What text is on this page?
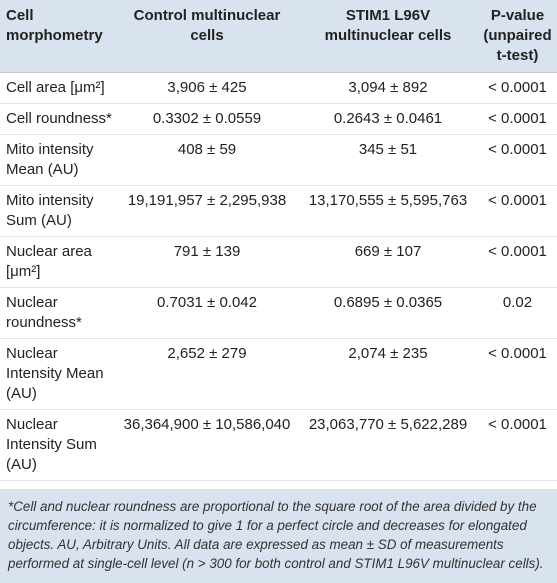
Cell morphometry	Control multinuclear cells	STIM1 L96V multinuclear cells	P-value (unpaired t-test)
Cell area [μm²]	3,906 ± 425	3,094 ± 892	< 0.0001
Cell roundness*	0.3302 ± 0.0559	0.2643 ± 0.0461	< 0.0001
Mito intensity Mean (AU)	408 ± 59	345 ± 51	< 0.0001
Mito intensity Sum (AU)	19,191,957 ± 2,295,938	13,170,555 ± 5,595,763	< 0.0001
Nuclear area [μm²]	791 ± 139	669 ± 107	< 0.0001
Nuclear roundness*	0.7031 ± 0.042	0.6895 ± 0.0365	0.02
Nuclear Intensity Mean (AU)	2,652 ± 279	2,074 ± 235	< 0.0001
Nuclear Intensity Sum (AU)	36,364,900 ± 10,586,040	23,063,770 ± 5,622,289	< 0.0001
*Cell and nuclear roundness are proportional to the square root of the area divided by the circumference: it is normalized to give 1 for a perfect circle and decreases for elongated objects. AU, Arbitrary Units. All data are expressed as mean ± SD of measurements performed at single-cell level (n > 300 for both control and STIM1 L96V multinuclear cells).
